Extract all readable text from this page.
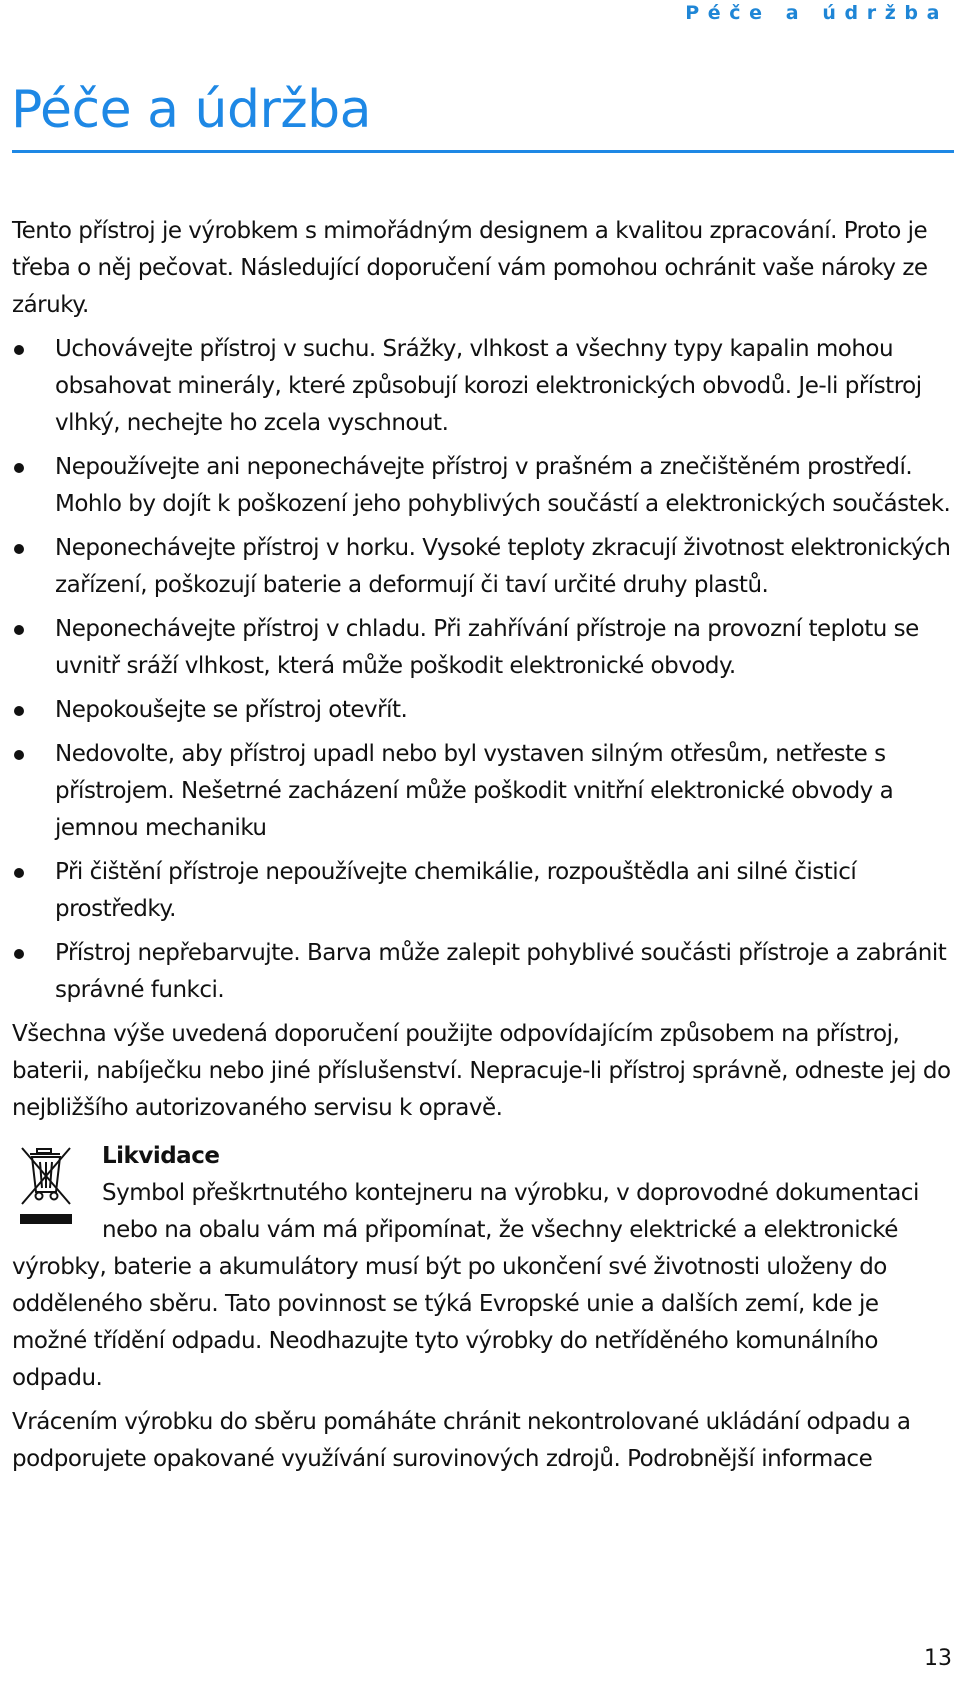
Péče a údržba
Péče a údržba

Tento přístroj je výrobkem s mimořádným designem a kvalitou zpracování. Proto je třeba o něj pečovat. Následující doporučení vám pomohou ochránit vaše nároky ze záruky.

Uchovávejte přístroj v suchu. Srážky, vlhkost a všechny typy kapalin mohou obsahovat minerály, které způsobují korozi elektronických obvodů. Je-li přístroj vlhký, nechejte ho zcela vyschnout.
Nepoužívejte ani neponechávejte přístroj v prašném a znečištěném prostředí. Mohlo by dojít k poškození jeho pohyblivých součástí a elektronických součástek.
Neponechávejte přístroj v horku. Vysoké teploty zkracují životnost elektronických zařízení, poškozují baterie a deformují či taví určité druhy plastů.
Neponechávejte přístroj v chladu. Při zahřívání přístroje na provozní teplotu se uvnitř sráží vlhkost, která může poškodit elektronické obvody.
Nepokoušejte se přístroj otevřít.
Nedovolte, aby přístroj upadl nebo byl vystaven silným otřesům, netřeste s přístrojem. Nešetrné zacházení může poškodit vnitřní elektronické obvody a jemnou mechaniku
Při čištění přístroje nepoužívejte chemikálie, rozpouštědla ani silné čisticí prostředky.
Přístroj nepřebarvujte. Barva může zalepit pohyblivé součásti přístroje a zabránit správné funkci.

Všechna výše uvedená doporučení použijte odpovídajícím způsobem na přístroj, baterii, nabíječku nebo jiné příslušenství. Nepracuje-li přístroj správně, odneste jej do nejbližšího autorizovaného servisu k opravě.

Likvidace

Symbol přeškrtnutého kontejneru na výrobku, v doprovodné dokumentaci nebo na obalu vám má připomínat, že všechny elektrické a elektronické výrobky, baterie a akumulátory musí být po ukončení své životnosti uloženy do odděleného sběru. Tato povinnost se týká Evropské unie a dalších zemí, kde je možné třídění odpadu. Neodhazujte tyto výrobky do netříděného komunálního odpadu.

Vrácením výrobku do sběru pomáháte chránit nekontrolované ukládání odpadu a podporujete opakované využívání surovinových zdrojů. Podrobnější informace

13
